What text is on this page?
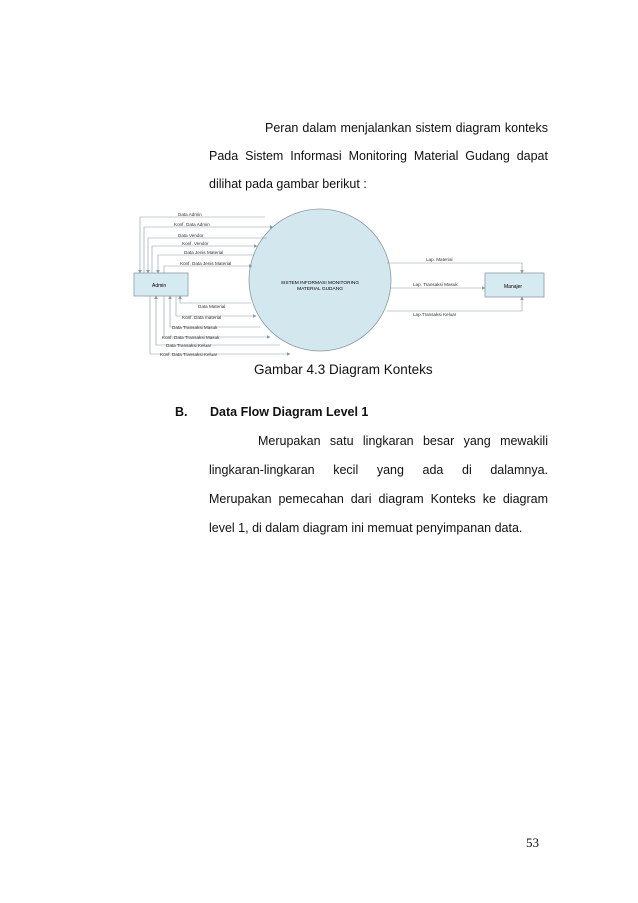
Peran dalam menjalankan sistem diagram konteks
Pada Sistem Informasi Monitoring Material Gudang dapat
dilihat pada gambar berikut :
Admin	Manajer
SISTEM INFORMASI MONITORING
MATERIAL GUDANG
Data Admin
Konf. Data Admin
Data Vendor
Konf. Vendor
Data Jenis Material
Konf. Data Jenis Material
Data Material
Konf. Data material
Data Transaksi Masuk
Konf. Data Transaksi Masuk
Data Transaksi Keluar
Konf. Data Transaksi Keluar
Lap. Material
Lap. Transaksi Masuk
Lap.Transaksi Keluar
Gambar 4.3 Diagram Konteks
B. Data Flow Diagram Level 1
Merupakan satu lingkaran besar yang mewakili
lingkaran-lingkaran kecil yang ada di dalamnya.
Merupakan pemecahan dari diagram Konteks ke diagram
level 1, di dalam diagram ini memuat penyimpanan data.
53
